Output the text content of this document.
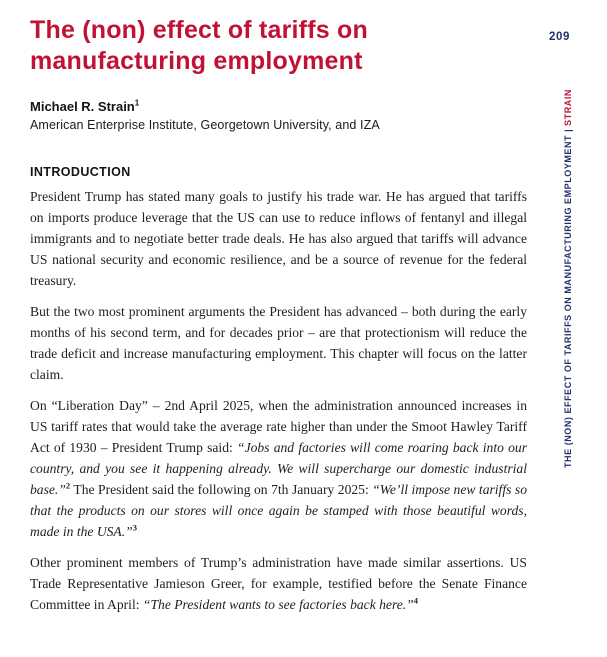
The (non) effect of tariffs on
manufacturing employment
209
Michael R. Strain$^1$
American Enterprise Institute, Georgetown University, and IZA
INTRODUCTION

President Trump has stated many goals to justify his trade war. He has argued that tariffs on imports produce leverage that the US can use to reduce inflows of fentanyl and illegal immigrants and to negotiate better trade deals. He has also argued that tariffs will advance US national security and economic resilience, and be a source of revenue for the federal treasury.

But the two most prominent arguments the President has advanced – both during the early months of his second term, and for decades prior – are that protectionism will reduce the trade deficit and increase manufacturing employment. This chapter will focus on the latter claim.

On “Liberation Day” – 2nd April 2025, when the administration announced increases in US tariff rates that would take the average rate higher than under the Smoot Hawley Tariff Act of 1930 – President Trump said: “Jobs and factories will come roaring back into our country, and you see it happening already. We will supercharge our domestic industrial base.”$^2$ The President said the following on 7th January 2025: “We’ll impose new tariffs so that the products on our stores will once again be stamped with those beautiful words, made in the USA.”$^3$

Other prominent members of Trump’s administration have made similar assertions. US Trade Representative Jamieson Greer, for example, testified before the Senate Finance Committee in April: “The President wants to see factories back here.”$^4$

THE (NON) EFFECT OF TARIFFS ON MANUFACTURING EMPLOYMENT|STRAIN
